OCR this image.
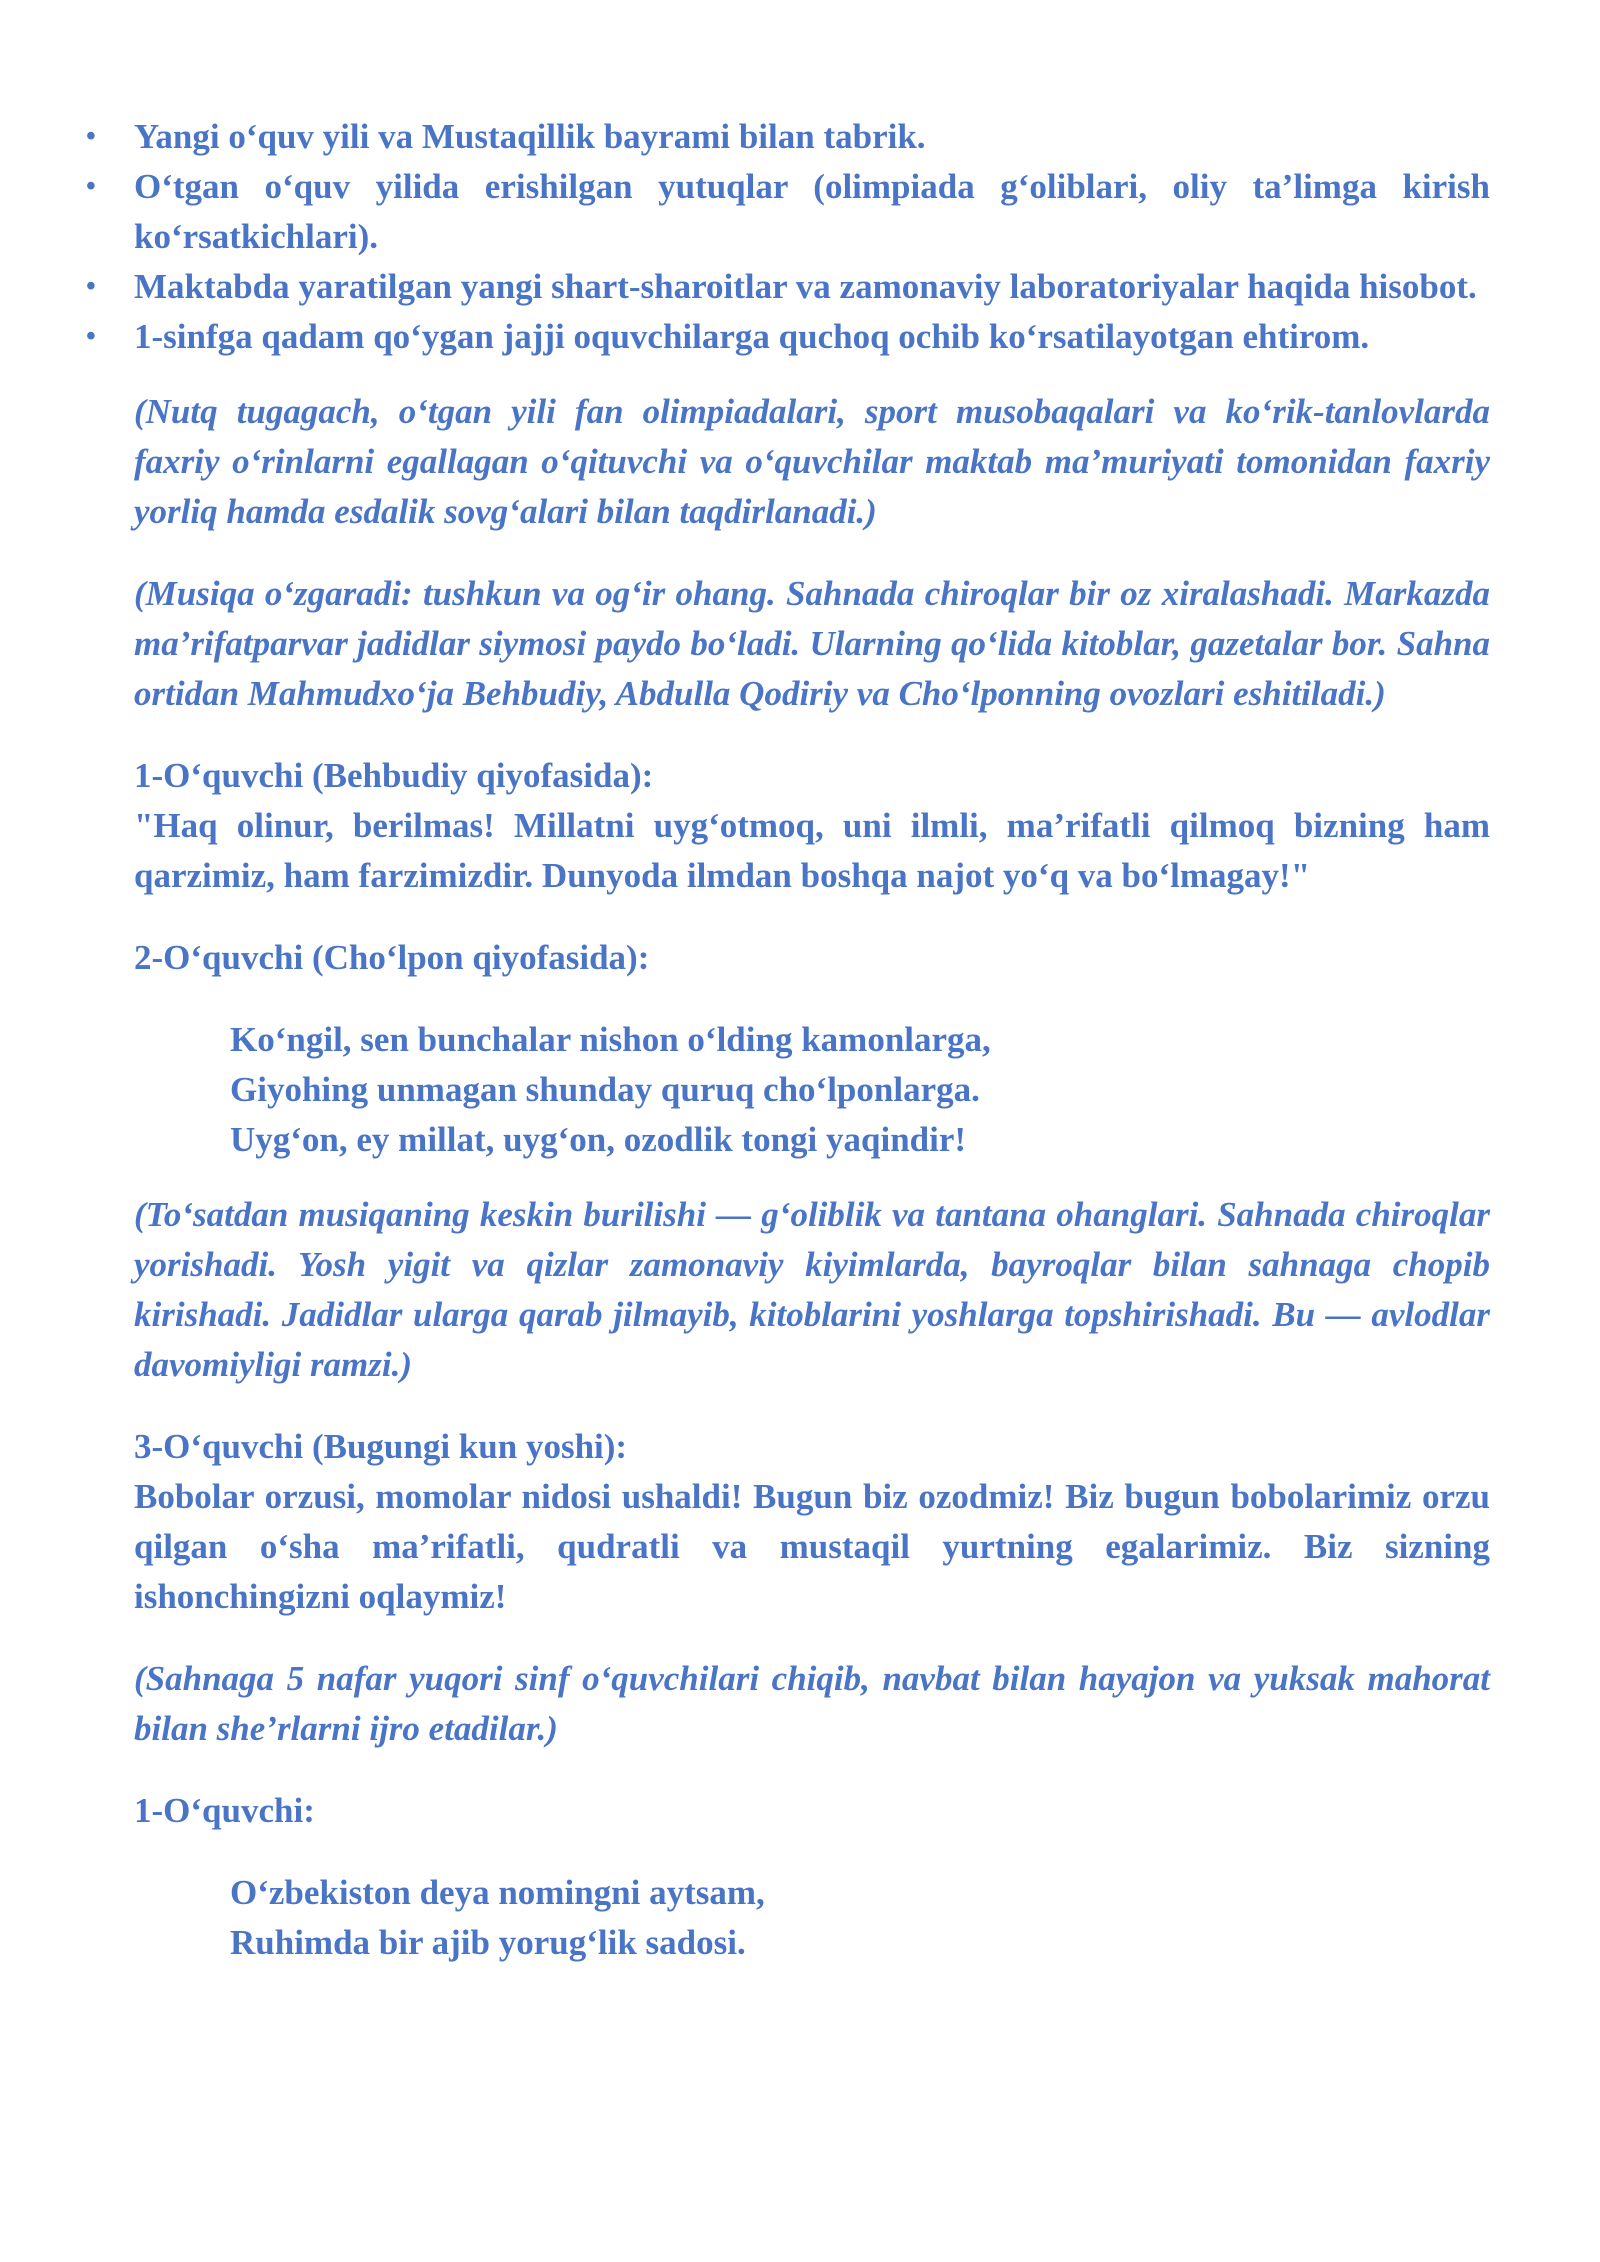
• Yangi o‘quv yili va Mustaqillik bayrami bilan tabrik.
• O‘tgan o‘quv yilida erishilgan yutuqlar (olimpiada g‘oliblari, oliy ta’limga kirish ko‘rsatkichlari).
• Maktabda yaratilgan yangi shart-sharoitlar va zamonaviy laboratoriyalar haqida hisobot.
• 1-sinfga qadam qo‘ygan jajji oquvchilarga quchoq ochib ko‘rsatilayotgan ehtirom.

(Nutq tugagach, o‘tgan yili fan olimpiadalari, sport musobaqalari va ko‘rik-tanlovlarda faxriy o‘rinlarni egallagan o‘qituvchi va o‘quvchilar maktab ma’muriyati tomonidan faxriy yorliq hamda esdalik sovg‘alari bilan taqdirlanadi.)

(Musiqa o‘zgaradi: tushkun va og‘ir ohang. Sahnada chiroqlar bir oz xiralashadi. Markazda ma’rifatparvar jadidlar siymosi paydo bo‘ladi. Ularning qo‘lida kitoblar, gazetalar bor. Sahna ortidan Mahmudxo‘ja Behbudiy, Abdulla Qodiriy va Cho‘lponning ovozlari eshitiladi.)

1-O‘quvchi (Behbudiy qiyofasida):

"Haq olinur, berilmas! Millatni uyg‘otmoq, uni ilmli, ma’rifatli qilmoq bizning ham qarzimiz, ham farzimizdir. Dunyoda ilmdan boshqa najot yo‘q va bo‘lmagay!"

2-O‘quvchi (Cho‘lpon qiyofasida):

Ko‘ngil, sen bunchalar nishon o‘lding kamonlarga,

Giyohing unmagan shunday quruq cho‘lponlarga.

Uyg‘on, ey millat, uyg‘on, ozodlik tongi yaqindir!

(To‘satdan musiqaning keskin burilishi — g‘oliblik va tantana ohanglari. Sahnada chiroqlar yorishadi. Yosh yigit va qizlar zamonaviy kiyimlarda, bayroqlar bilan sahnaga chopib kirishadi. Jadidlar ularga qarab jilmayib, kitoblarini yoshlarga topshirishadi. Bu — avlodlar davomiyligi ramzi.)

3-O‘quvchi (Bugungi kun yoshi):

Bobolar orzusi, momolar nidosi ushaldi! Bugun biz ozodmiz! Biz bugun bobolarimiz orzu qilgan o‘sha ma’rifatli, qudratli va mustaqil yurtning egalarimiz. Biz sizning ishonchingizni oqlaymiz!

(Sahnaga 5 nafar yuqori sinf o‘quvchilari chiqib, navbat bilan hayajon va yuksak mahorat bilan she’rlarni ijro etadilar.)

1-O‘quvchi:

O‘zbekiston deya nomingni aytsam,

Ruhimda bir ajib yorug‘lik sadosi.
